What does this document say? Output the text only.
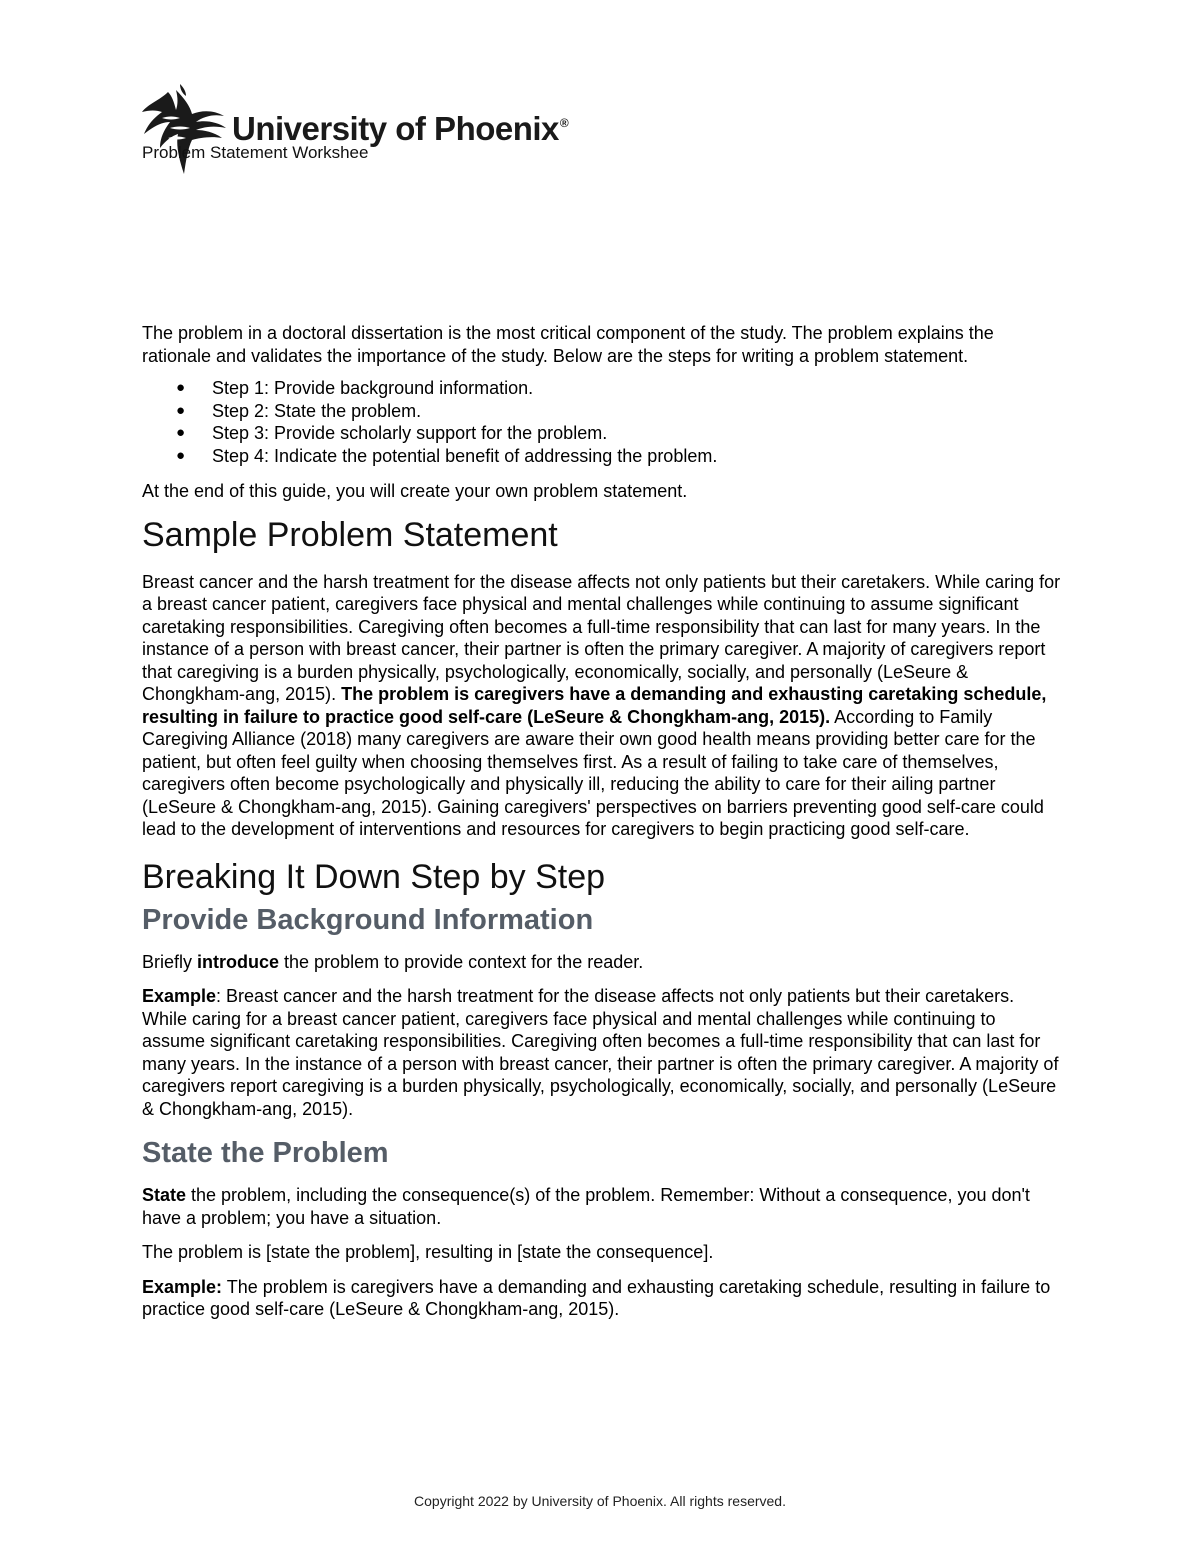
University of Phoenix®
Problem Statement Workshee

The problem in a doctoral dissertation is the most critical component of the study. The problem explains the rationale and validates the importance of the study. Below are the steps for writing a problem statement.

● Step 1: Provide background information.
● Step 2: State the problem.
● Step 3: Provide scholarly support for the problem.
● Step 4: Indicate the potential benefit of addressing the problem.

At the end of this guide, you will create your own problem statement.

Sample Problem Statement

Breast cancer and the harsh treatment for the disease affects not only patients but their caretakers. While caring for a breast cancer patient, caregivers face physical and mental challenges while continuing to assume significant caretaking responsibilities. Caregiving often becomes a full-time responsibility that can last for many years. In the instance of a person with breast cancer, their partner is often the primary caregiver. A majority of caregivers report that caregiving is a burden physically, psychologically, economically, socially, and personally (LeSeure & Chongkham-ang, 2015). The problem is caregivers have a demanding and exhausting caretaking schedule, resulting in failure to practice good self-care (LeSeure & Chongkham-ang, 2015). According to Family Caregiving Alliance (2018) many caregivers are aware their own good health means providing better care for the patient, but often feel guilty when choosing themselves first. As a result of failing to take care of themselves, caregivers often become psychologically and physically ill, reducing the ability to care for their ailing partner (LeSeure & Chongkham-ang, 2015). Gaining caregivers' perspectives on barriers preventing good self-care could lead to the development of interventions and resources for caregivers to begin practicing good self-care.

Breaking It Down Step by Step
Provide Background Information

Briefly introduce the problem to provide context for the reader.

Example: Breast cancer and the harsh treatment for the disease affects not only patients but their caretakers. While caring for a breast cancer patient, caregivers face physical and mental challenges while continuing to assume significant caretaking responsibilities. Caregiving often becomes a full-time responsibility that can last for many years. In the instance of a person with breast cancer, their partner is often the primary caregiver. A majority of caregivers report caregiving is a burden physically, psychologically, economically, socially, and personally (LeSeure & Chongkham-ang, 2015).

State the Problem

State the problem, including the consequence(s) of the problem. Remember: Without a consequence, you don't have a problem; you have a situation.

The problem is [state the problem], resulting in [state the consequence].

Example: The problem is caregivers have a demanding and exhausting caretaking schedule, resulting in failure to practice good self-care (LeSeure & Chongkham-ang, 2015).

Copyright 2022 by University of Phoenix. All rights reserved.
